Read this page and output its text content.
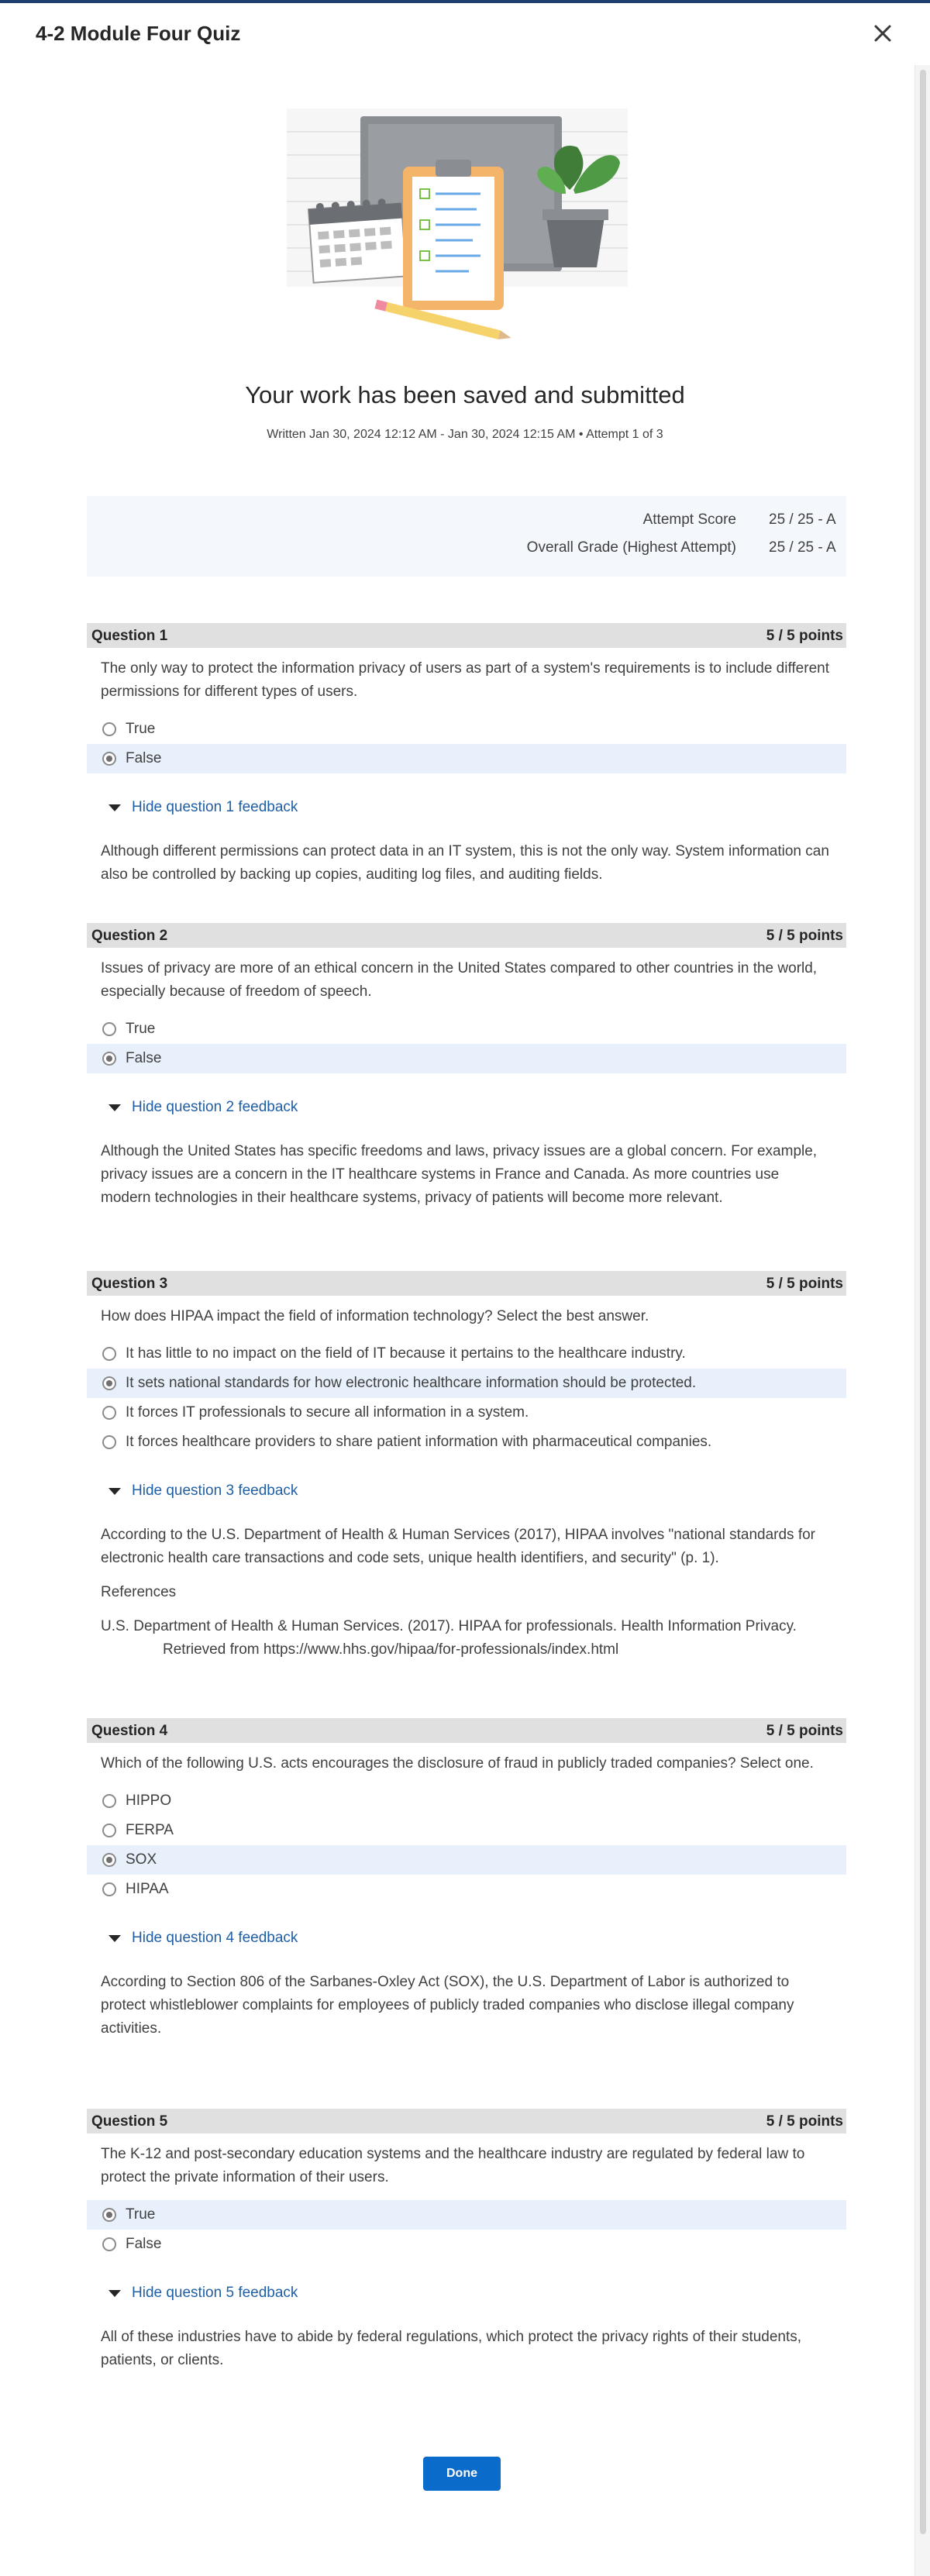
4-2 Module Four Quiz
Your work has been saved and submitted
Written Jan 30, 2024 12:12 AM - Jan 30, 2024 12:15 AM • Attempt 1 of 3
Attempt Score 25 / 25 - A
Overall Grade (Highest Attempt) 25 / 25 - A
Question 1	5 / 5 points
The only way to protect the information privacy of users as part of a system's requirements is to include different permissions for different types of users.
True
False
Hide question 1 feedback
Although different permissions can protect data in an IT system, this is not the only way. System information can also be controlled by backing up copies, auditing log files, and auditing fields.
Question 2	5 / 5 points
Issues of privacy are more of an ethical concern in the United States compared to other countries in the world, especially because of freedom of speech.
True
False
Hide question 2 feedback
Although the United States has specific freedoms and laws, privacy issues are a global concern. For example, privacy issues are a concern in the IT healthcare systems in France and Canada. As more countries use modern technologies in their healthcare systems, privacy of patients will become more relevant.
Question 3	5 / 5 points
How does HIPAA impact the field of information technology? Select the best answer.
It has little to no impact on the field of IT because it pertains to the healthcare industry.
It sets national standards for how electronic healthcare information should be protected.
It forces IT professionals to secure all information in a system.
It forces healthcare providers to share patient information with pharmaceutical companies.
Hide question 3 feedback
According to the U.S. Department of Health & Human Services (2017), HIPAA involves "national standards for electronic health care transactions and code sets, unique health identifiers, and security" (p. 1).
References
U.S. Department of Health & Human Services. (2017). HIPAA for professionals. Health Information Privacy.
Retrieved from https://www.hhs.gov/hipaa/for-professionals/index.html
Question 4	5 / 5 points
Which of the following U.S. acts encourages the disclosure of fraud in publicly traded companies? Select one.
HIPPO
FERPA
SOX
HIPAA
Hide question 4 feedback
According to Section 806 of the Sarbanes-Oxley Act (SOX), the U.S. Department of Labor is authorized to protect whistleblower complaints for employees of publicly traded companies who disclose illegal company activities.
Question 5	5 / 5 points
The K-12 and post-secondary education systems and the healthcare industry are regulated by federal law to protect the private information of their users.
True
False
Hide question 5 feedback
All of these industries have to abide by federal regulations, which protect the privacy rights of their students, patients, or clients.
Done
